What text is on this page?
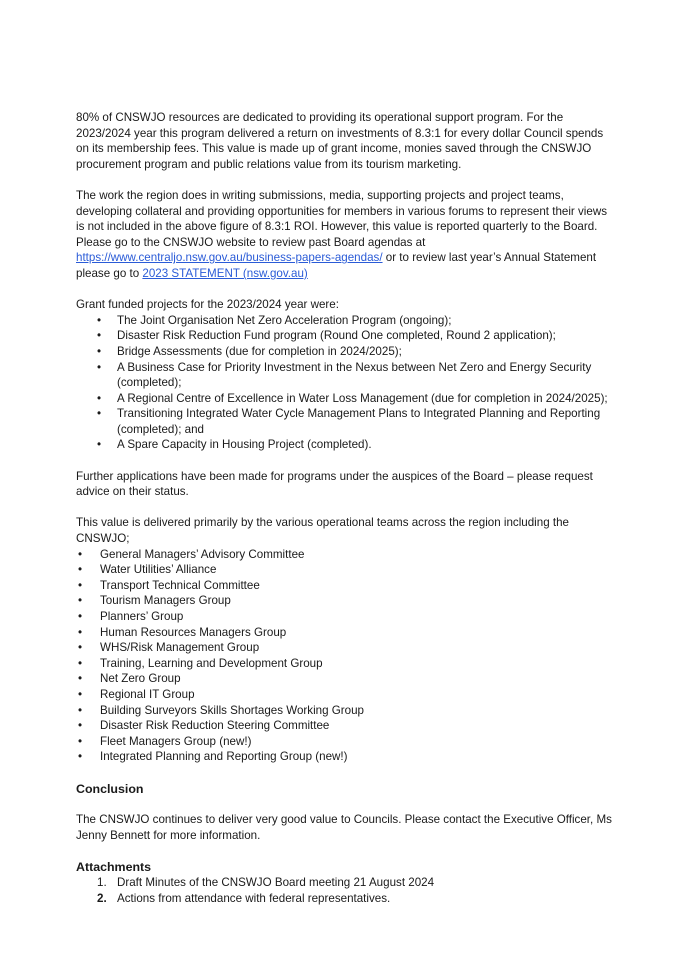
80% of CNSWJO resources are dedicated to providing its operational support program. For the 2023/2024 year this program delivered a return on investments of 8.3:1 for every dollar Council spends on its membership fees. This value is made up of grant income, monies saved through the CNSWJO procurement program and public relations value from its tourism marketing.

The work the region does in writing submissions, media, supporting projects and project teams, developing collateral and providing opportunities for members in various forums to represent their views is not included in the above figure of 8.3:1 ROI. However, this value is reported quarterly to the Board. Please go to the CNSWJO website to review past Board agendas at https://www.centraljo.nsw.gov.au/business-papers-agendas/ or to review last year’s Annual Statement please go to 2023 STATEMENT (nsw.gov.au)

Grant funded projects for the 2023/2024 year were:

• The Joint Organisation Net Zero Acceleration Program (ongoing);
• Disaster Risk Reduction Fund program (Round One completed, Round 2 application);
• Bridge Assessments (due for completion in 2024/2025);
• A Business Case for Priority Investment in the Nexus between Net Zero and Energy Security (completed);
• A Regional Centre of Excellence in Water Loss Management (due for completion in 2024/2025);
• Transitioning Integrated Water Cycle Management Plans to Integrated Planning and Reporting (completed); and
• A Spare Capacity in Housing Project (completed).

Further applications have been made for programs under the auspices of the Board – please request advice on their status.

This value is delivered primarily by the various operational teams across the region including the CNSWJO;

• General Managers’ Advisory Committee
• Water Utilities’ Alliance
• Transport Technical Committee
• Tourism Managers Group
• Planners’ Group
• Human Resources Managers Group
• WHS/Risk Management Group
• Training, Learning and Development Group
• Net Zero Group
• Regional IT Group
• Building Surveyors Skills Shortages Working Group
• Disaster Risk Reduction Steering Committee
• Fleet Managers Group (new!)
• Integrated Planning and Reporting Group (new!)
Conclusion

The CNSWJO continues to deliver very good value to Councils. Please contact the Executive Officer, Ms Jenny Bennett for more information.

Attachments
1. Draft Minutes of the CNSWJO Board meeting 21 August 2024
2. Actions from attendance with federal representatives.
